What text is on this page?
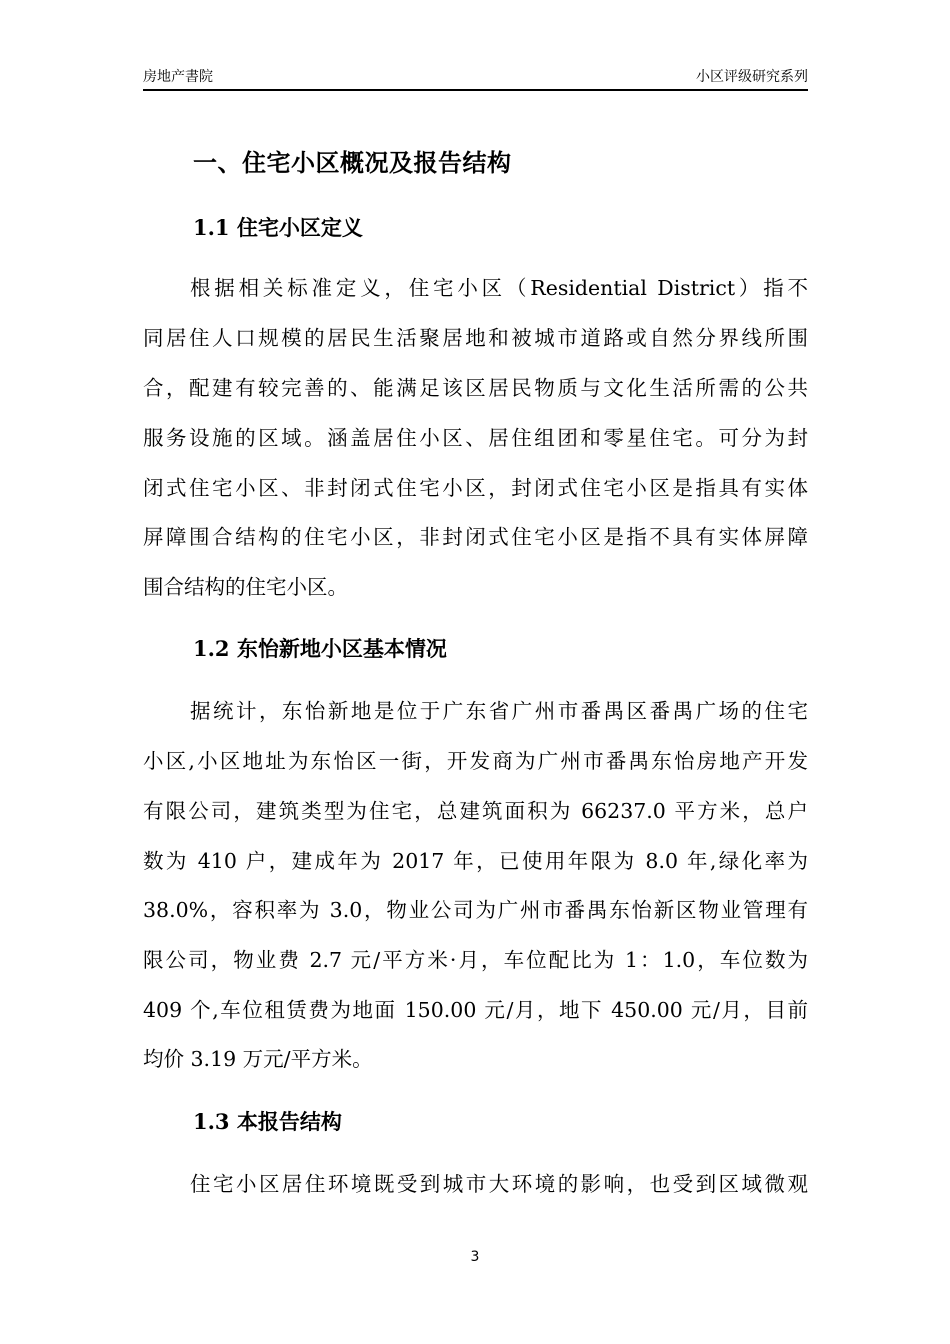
房地产書院	小区评级研究系列
一、住宅小区概况及报告结构
1.1 住宅小区定义
根据相关标准定义，住宅小区（Residential District）指不
同居住人口规模的居民生活聚居地和被城市道路或自然分界线所围
合，配建有较完善的、能满足该区居民物质与文化生活所需的公共
服务设施的区域。涵盖居住小区、居住组团和零星住宅。可分为封
闭式住宅小区、非封闭式住宅小区，封闭式住宅小区是指具有实体
屏障围合结构的住宅小区，非封闭式住宅小区是指不具有实体屏障
围合结构的住宅小区。
1.2 东怡新地小区基本情况
据统计，东怡新地是位于广东省广州市番禺区番禺广场的住宅
小区,小区地址为东怡区一街，开发商为广州市番禺东怡房地产开发
有限公司，建筑类型为住宅，总建筑面积为 66237.0 平方米，总户
数为 410 户，建成年为 2017 年，已使用年限为 8.0 年,绿化率为
38.0%，容积率为 3.0，物业公司为广州市番禺东怡新区物业管理有
限公司，物业费 2.7 元/平方米·月，车位配比为 1：1.0，车位数为
409 个,车位租赁费为地面 150.00 元/月，地下 450.00 元/月，目前
均价 3.19 万元/平方米。
1.3 本报告结构
住宅小区居住环境既受到城市大环境的影响，也受到区域微观
3
